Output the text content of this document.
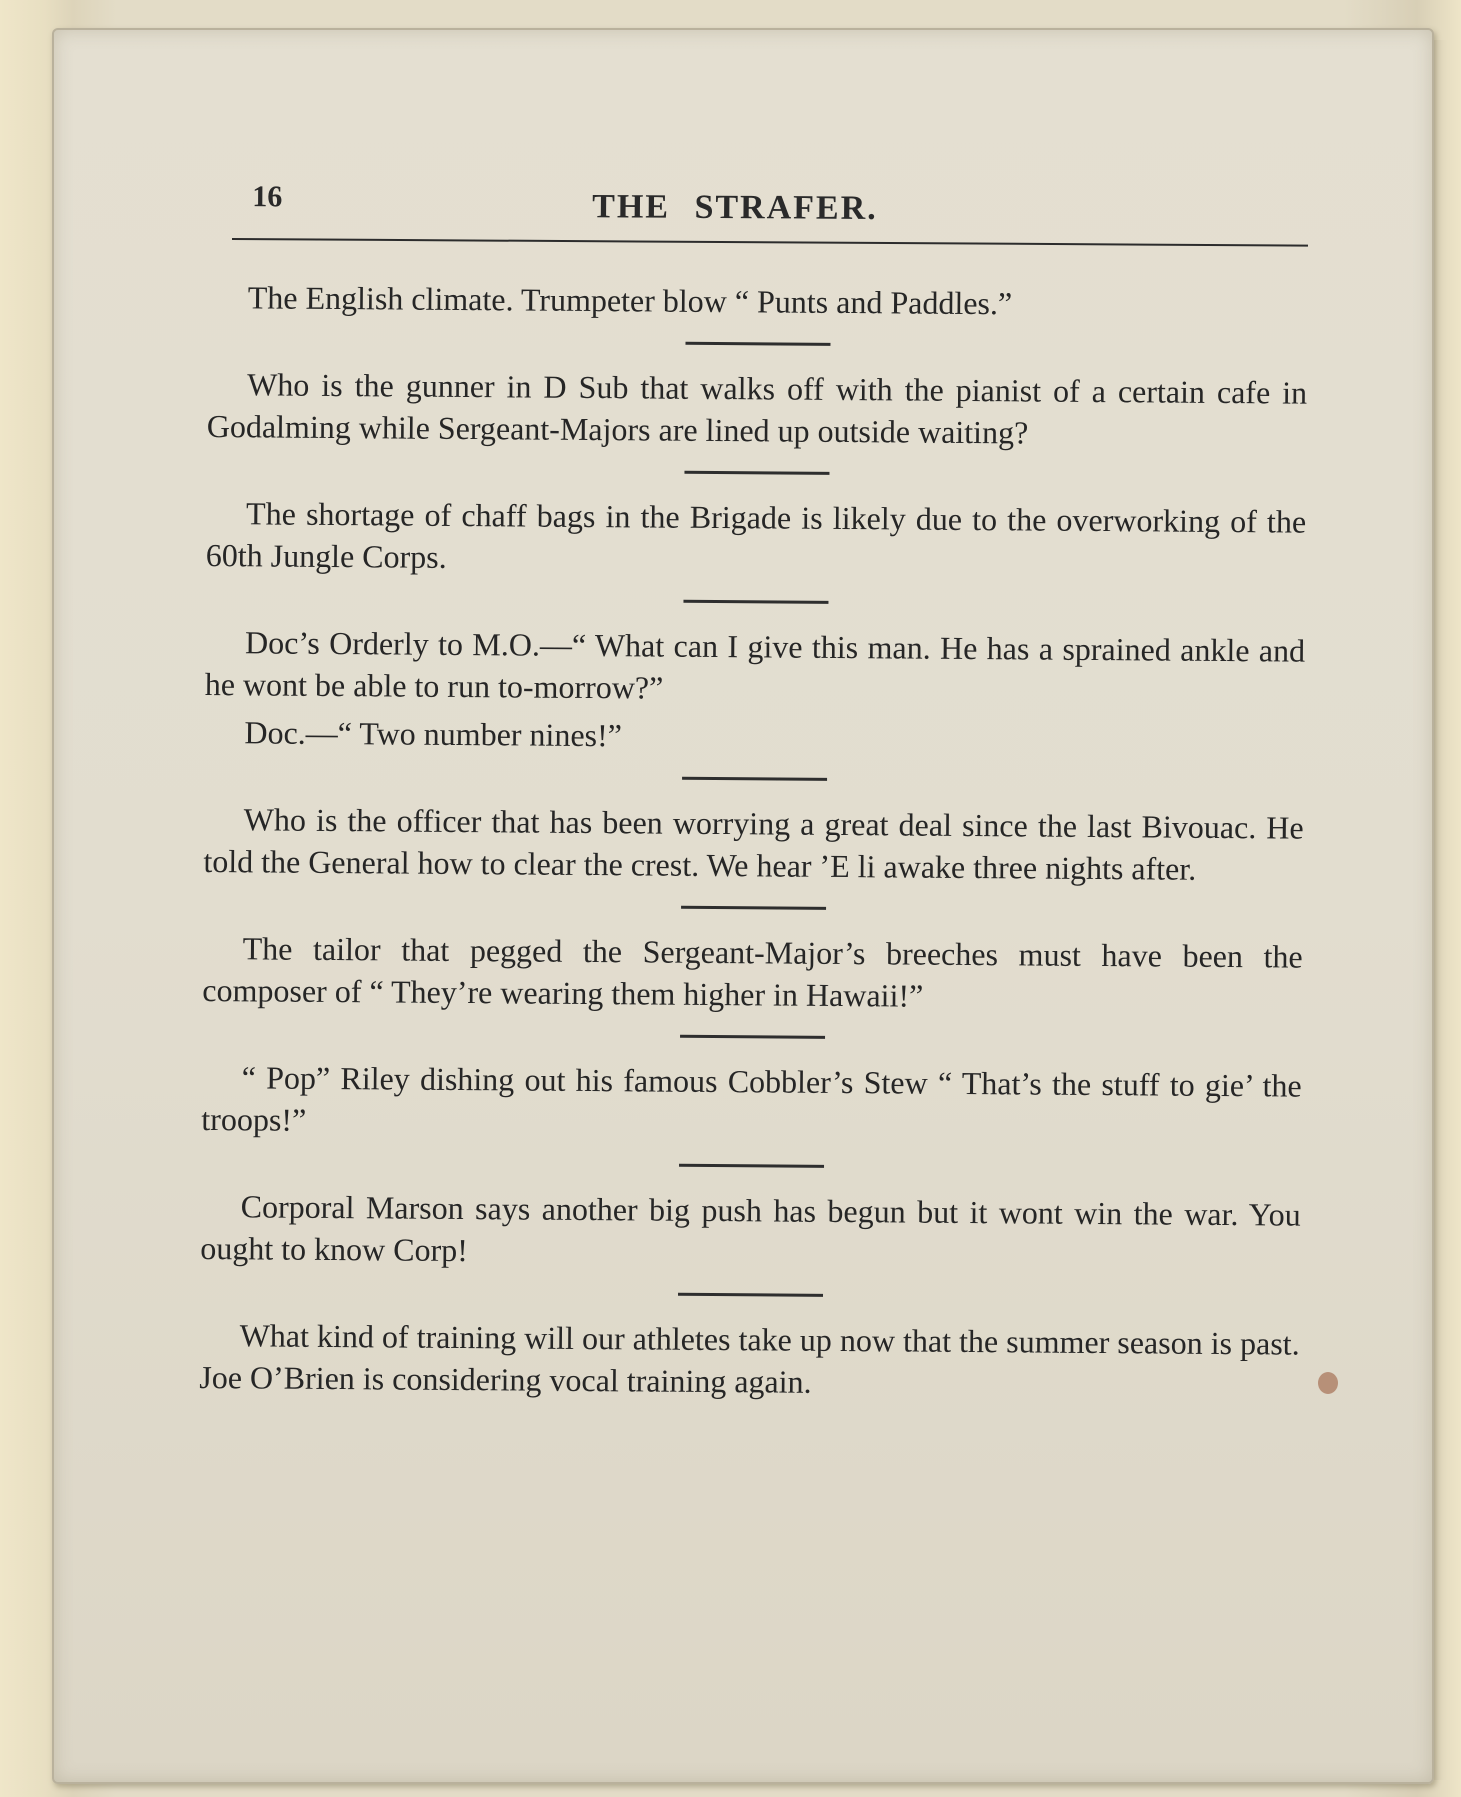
16	THE STRAFER.

The English climate. Trumpeter blow “ Punts and Paddles.”

Who is the gunner in D Sub that walks off with the pianist of a certain cafe in Godalming while Sergeant-Majors are lined up outside waiting?

The shortage of chaff bags in the Brigade is likely due to the overworking of the 60th Jungle Corps.

Doc’s Orderly to M.O.—“ What can I give this man. He has a sprained ankle and he wont be able to run to-morrow?”

Doc.—“ Two number nines!”

Who is the officer that has been worrying a great deal since the last Bivouac. He told the General how to clear the crest. We hear ’E li awake three nights after.

The tailor that pegged the Sergeant-Major’s breeches must have been the composer of “ They’re wearing them higher in Hawaii!”

“ Pop” Riley dishing out his famous Cobbler’s Stew “ That’s the stuff to gie’ the troops!”

Corporal Marson says another big push has begun but it wont win the war. You ought to know Corp!

What kind of training will our athletes take up now that the summer season is past. Joe O’Brien is considering vocal training again.
